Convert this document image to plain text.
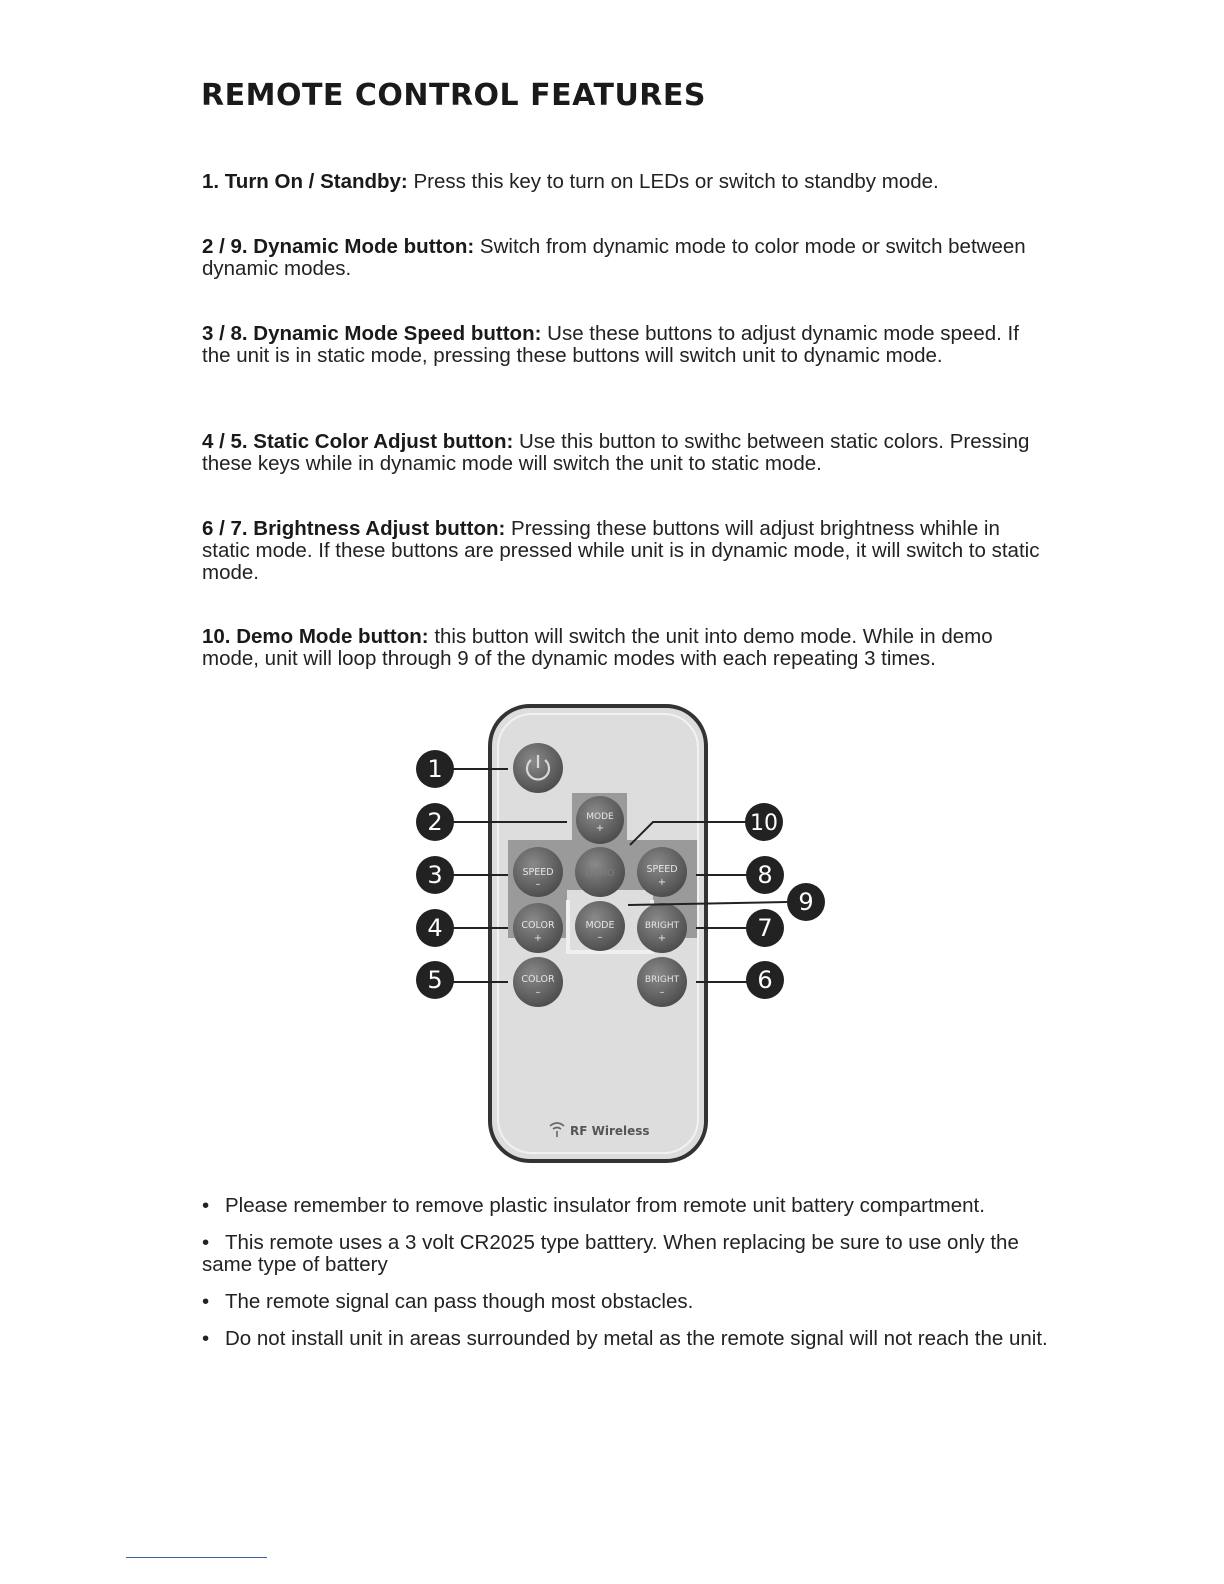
REMOTE CONTROL FEATURES

1. Turn On / Standby: Press this key to turn on LEDs or switch to standby mode.

2 / 9. Dynamic Mode button: Switch from dynamic mode to color mode or switch between dynamic modes.

3 / 8. Dynamic Mode Speed button: Use these buttons to adjust dynamic mode speed. If the unit is in static mode, pressing these buttons will switch unit to dynamic mode.

4 / 5. Static Color Adjust button: Use this button to swithc between static colors. Pressing these keys while in dynamic mode will switch the unit to static mode.

6 / 7. Brightness Adjust button: Pressing these buttons will adjust brightness whihle in static mode. If these buttons are pressed while unit is in dynamic mode, it will switch to static mode.

10. Demo Mode button: this button will switch the unit into demo mode. While in demo mode, unit will loop through 9 of the dynamic modes with each repeating 3 times.

MODE
+
SPEED
–
DEMO	SPEED
+
COLOR
+
MODE
–
BRIGHT
+
COLOR
–
BRIGHT
–
RF Wireless
1
2
3
4
5	6
7
8
9
10
• Please remember to remove plastic insulator from remote unit battery compartment.
• This remote uses a 3 volt CR2025 type batttery. When replacing be sure to use only the same type of battery
• The remote signal can pass though most obstacles.
• Do not install unit in areas surrounded by metal as the remote signal will not reach the unit.
